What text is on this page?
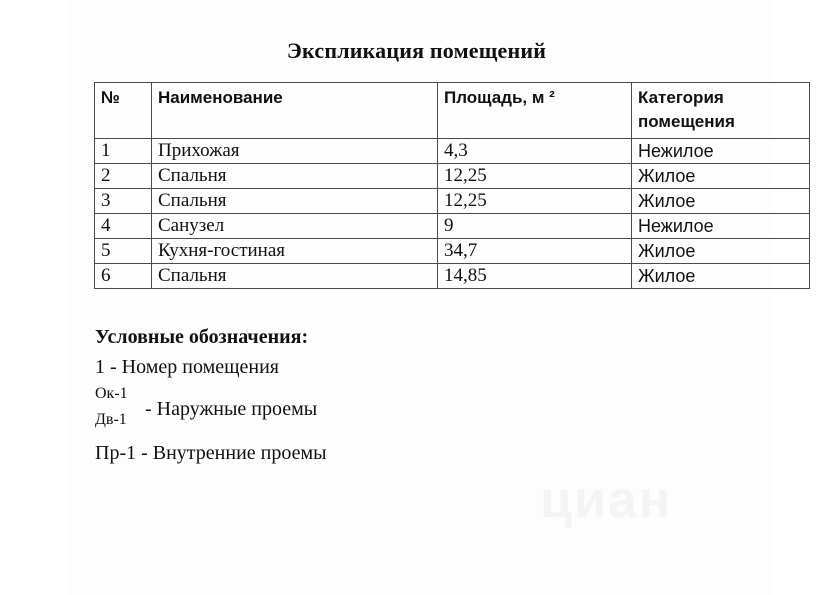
Экспликация помещений
№	Наименование	Площадь, м ²	Категория помещения
1	Прихожая	4,3	Нежилое
2	Спальня	12,25	Жилое
3	Спальня	12,25	Жилое
4	Санузел	9	Нежилое
5	Кухня-гостиная	34,7	Жилое
6	Спальня	14,85	Жилое
Условные обозначения:
1 - Номер помещения
Ок-1
Дв-1 - Наружные проемы
Пр-1 - Внутренние проемы
